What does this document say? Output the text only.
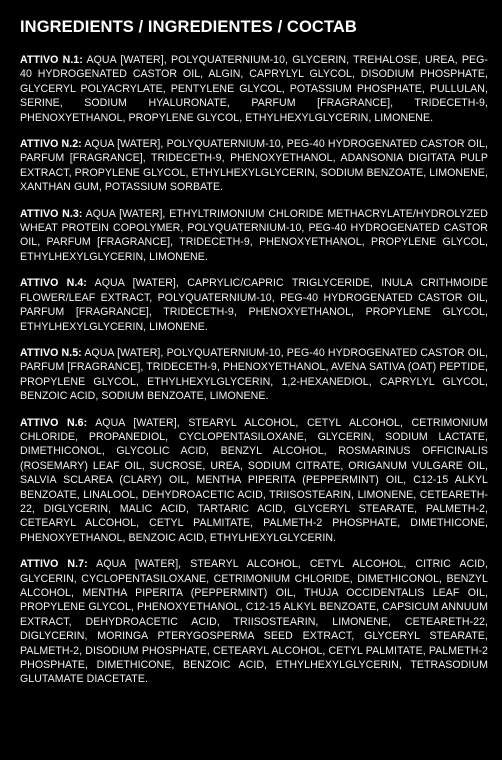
INGREDIENTS / INGREDIENTES / COCTAB
ATTIVO N.1: AQUA [WATER], POLYQUATERNIUM-10, GLYCERIN, TREHALOSE, UREA, PEG-40 HYDROGENATED CASTOR OIL, ALGIN, CAPRYLYL GLYCOL, DISODIUM PHOSPHATE, GLYCERYL POLYACRYLATE, PENTYLENE GLYCOL, POTASSIUM PHOSPHATE, PULLULAN, SERINE, SODIUM HYALURONATE, PARFUM [FRAGRANCE], TRIDECETH-9, PHENOXYETHANOL, PROPYLENE GLYCOL, ETHYLHEXYLGLYCERIN, LIMONENE.
ATTIVO N.2: AQUA [WATER], POLYQUATERNIUM-10, PEG-40 HYDROGENATED CASTOR OIL, PARFUM [FRAGRANCE], TRIDECETH-9, PHENOXYETHANOL, ADANSONIA DIGITATA PULP EXTRACT, PROPYLENE GLYCOL, ETHYLHEXYLGLYCERIN, SODIUM BENZOATE, LIMONENE, XANTHAN GUM, POTASSIUM SORBATE.
ATTIVO N.3: AQUA [WATER], ETHYLTRIMONIUM CHLORIDE METHACRYLATE/HYDROLYZED WHEAT PROTEIN COPOLYMER, POLYQUATERNIUM-10, PEG-40 HYDROGENATED CASTOR OIL, PARFUM [FRAGRANCE], TRIDECETH-9, PHENOXYETHANOL, PROPYLENE GLYCOL, ETHYLHEXYLGLYCERIN, LIMONENE.
ATTIVO N.4: AQUA [WATER], CAPRYLIC/CAPRIC TRIGLYCERIDE, INULA CRITHMOIDE FLOWER/LEAF EXTRACT, POLYQUATERNIUM-10, PEG-40 HYDROGENATED CASTOR OIL, PARFUM [FRAGRANCE], TRIDECETH-9, PHENOXYETHANOL, PROPYLENE GLYCOL, ETHYLHEXYLGLYCERIN, LIMONENE.
ATTIVO N.5: AQUA [WATER], POLYQUATERNIUM-10, PEG-40 HYDROGENATED CASTOR OIL, PARFUM [FRAGRANCE], TRIDECETH-9, PHENOXYETHANOL, AVENA SATIVA (OAT) PEPTIDE, PROPYLENE GLYCOL, ETHYLHEXYLGLYCERIN, 1,2-HEXANEDIOL, CAPRYLYL GLYCOL, BENZOIC ACID, SODIUM BENZOATE, LIMONENE.
ATTIVO N.6: AQUA [WATER], STEARYL ALCOHOL, CETYL ALCOHOL, CETRIMONIUM CHLORIDE, PROPANEDIOL, CYCLOPENTASILOXANE, GLYCERIN, SODIUM LACTATE, DIMETHICONOL, GLYCOLIC ACID, BENZYL ALCOHOL, ROSMARINUS OFFICINALIS (ROSEMARY) LEAF OIL, SUCROSE, UREA, SODIUM CITRATE, ORIGANUM VULGARE OIL, SALVIA SCLAREA (CLARY) OIL, MENTHA PIPERITA (PEPPERMINT) OIL, C12-15 ALKYL BENZOATE, LINALOOL, DEHYDROACETIC ACID, TRIISOSTEARIN, LIMONENE, CETEARETH-22, DIGLYCERIN, MALIC ACID, TARTARIC ACID, GLYCERYL STEARATE, PALMETH-2, CETEARYL ALCOHOL, CETYL PALMITATE, PALMETH-2 PHOSPHATE, DIMETHICONE, PHENOXYETHANOL, BENZOIC ACID, ETHYLHEXYLGLYCERIN.
ATTIVO N.7: AQUA [WATER], STEARYL ALCOHOL, CETYL ALCOHOL, CITRIC ACID, GLYCERIN, CYCLOPENTASILOXANE, CETRIMONIUM CHLORIDE, DIMETHICONOL, BENZYL ALCOHOL, MENTHA PIPERITA (PEPPERMINT) OIL, THUJA OCCIDENTALIS LEAF OIL, PROPYLENE GLYCOL, PHENOXYETHANOL, C12-15 ALKYL BENZOATE, CAPSICUM ANNUUM EXTRACT, DEHYDROACETIC ACID, TRIISOSTEARIN, LIMONENE, CETEARETH-22, DIGLYCERIN, MORINGA PTERYGOSPERMA SEED EXTRACT, GLYCERYL STEARATE, PALMETH-2, DISODIUM PHOSPHATE, CETEARYL ALCOHOL, CETYL PALMITATE, PALMETH-2 PHOSPHATE, DIMETHICONE, BENZOIC ACID, ETHYLHEXYLGLYCERIN, TETRASODIUM GLUTAMATE DIACETATE.
